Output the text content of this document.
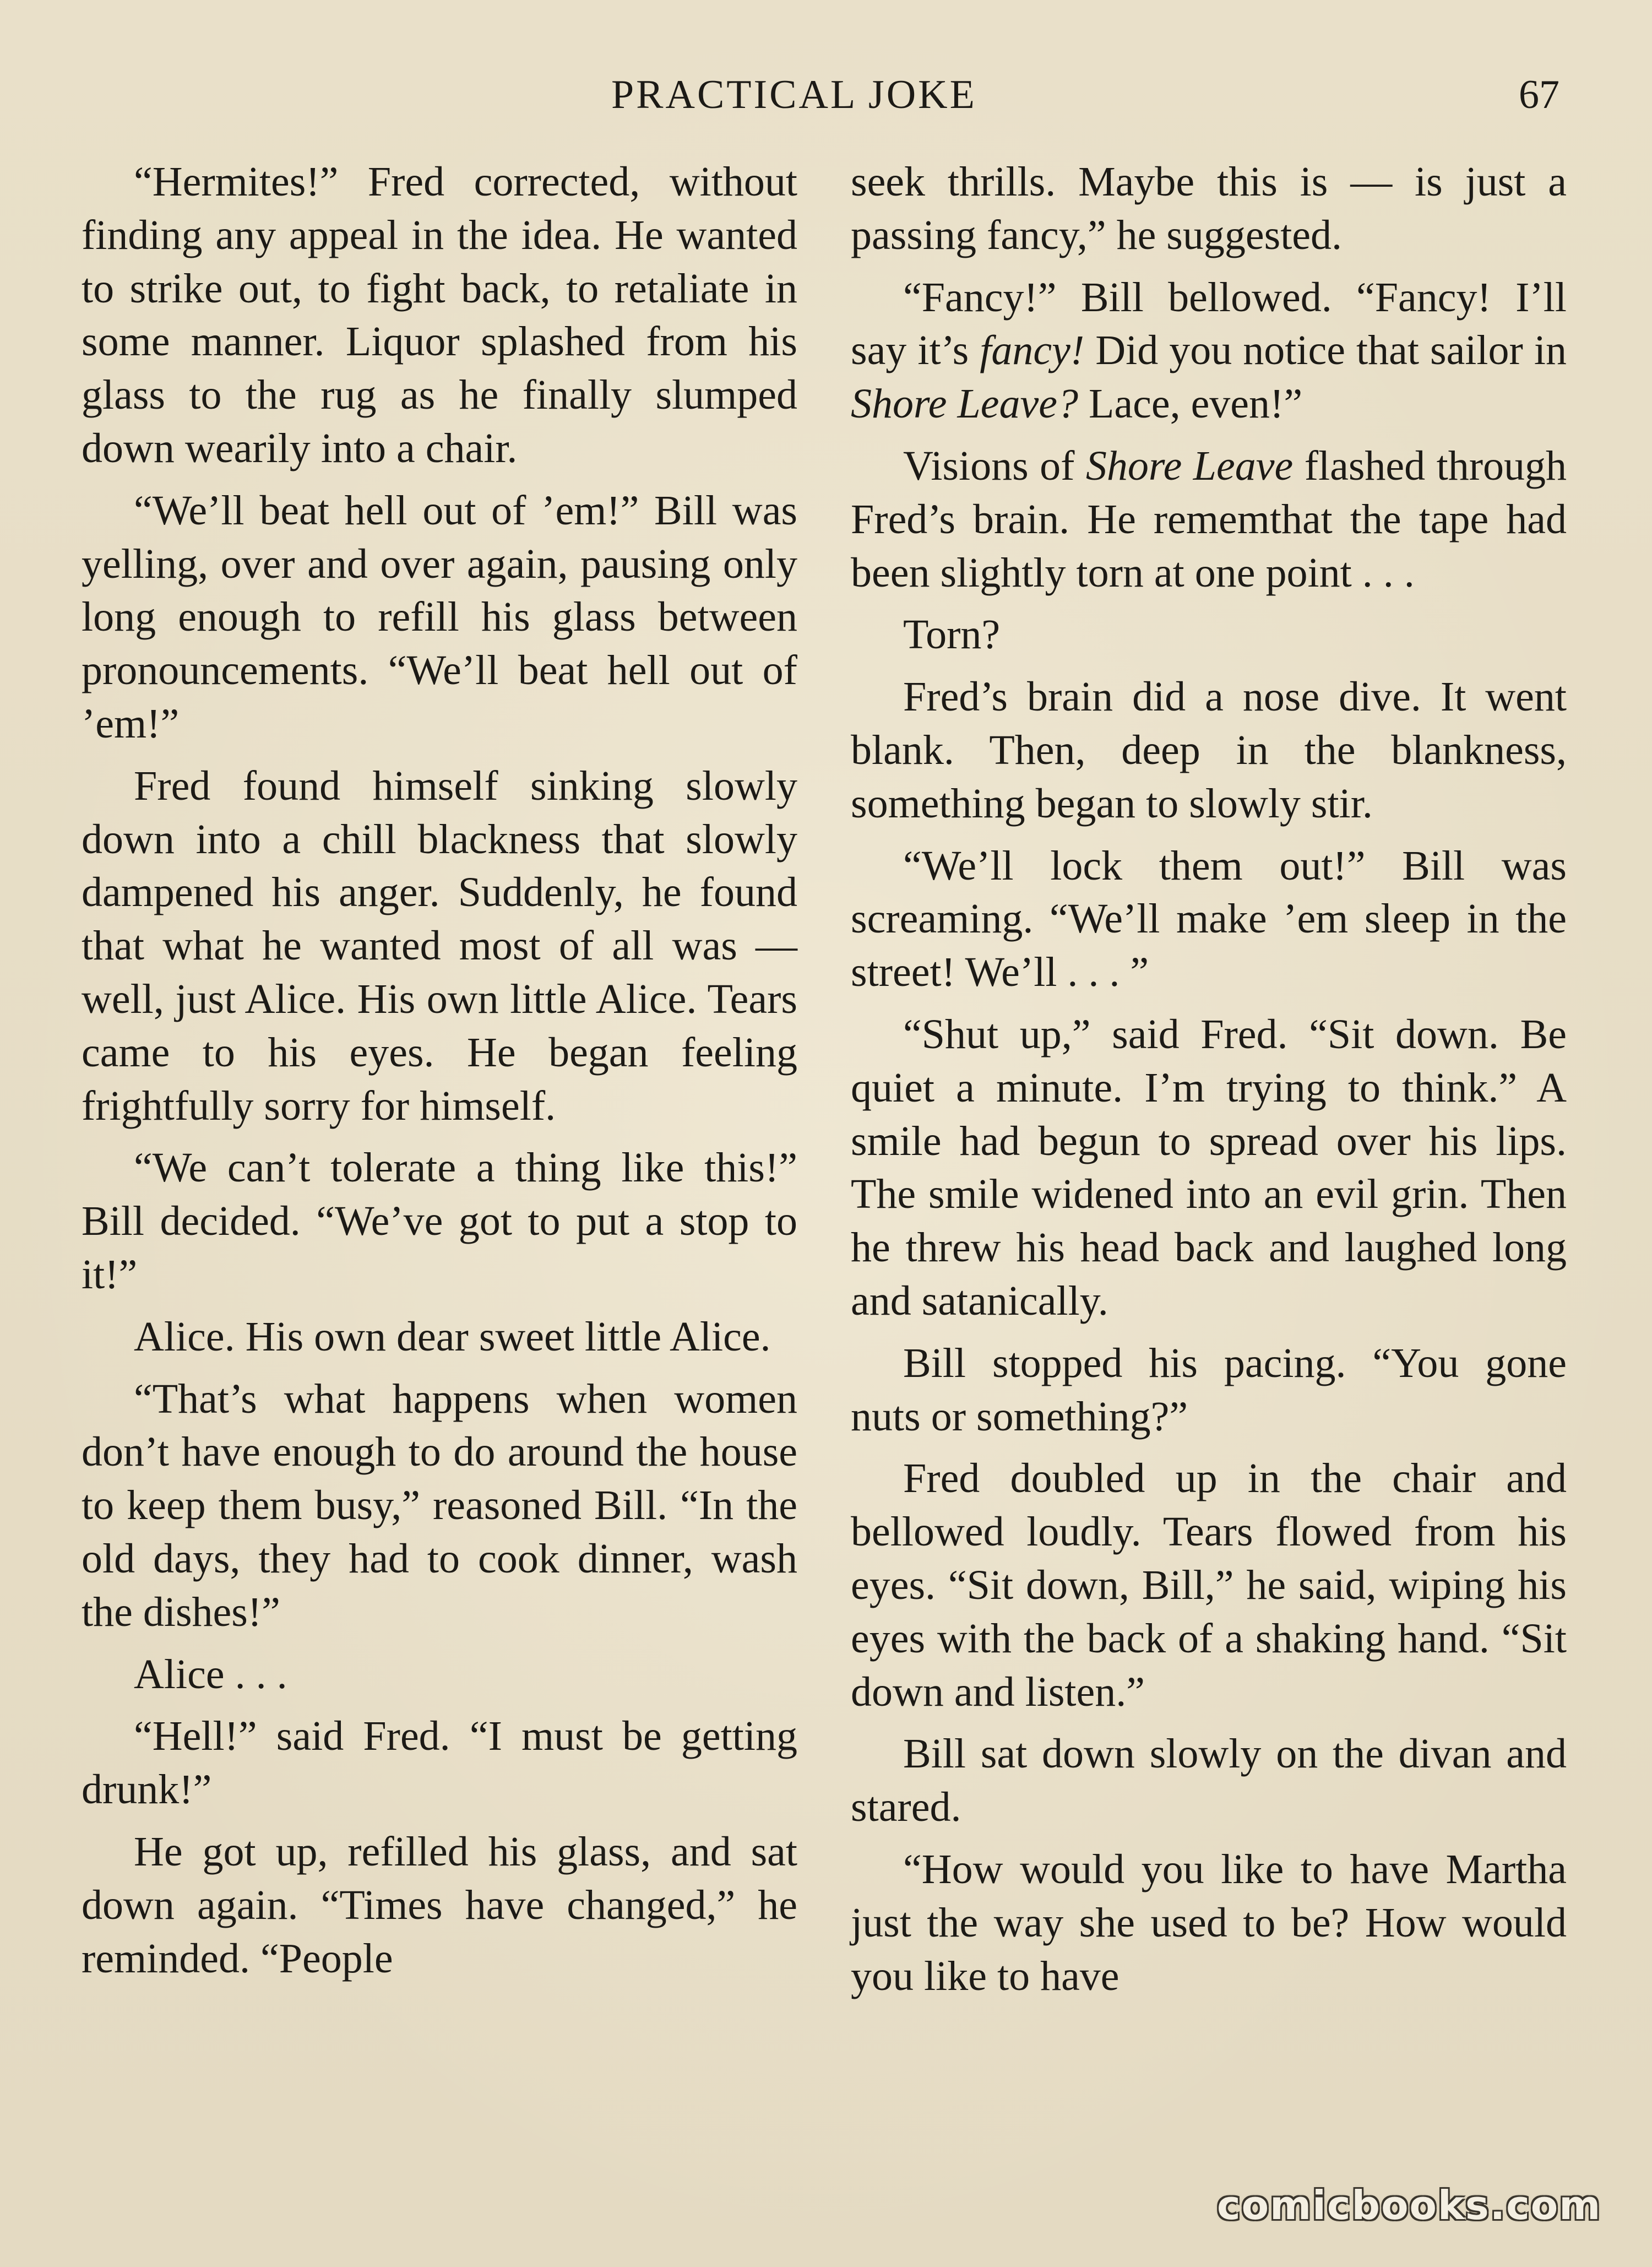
PRACTICAL JOKE	67

“Hermites!” Fred corrected, without finding any appeal in the idea. He wanted to strike out, to fight back, to retaliate in some manner. Liquor splashed from his glass to the rug as he finally slumped down wearily into a chair.

“We’ll beat hell out of ’em!” Bill was yelling, over and over again, pausing only long enough to refill his glass between pronouncements. “We’ll beat hell out of ’em!”

Fred found himself sinking slowly down into a chill blackness that slowly dampened his anger. Suddenly, he found that what he wanted most of all was — well, just Alice. His own little Alice. Tears came to his eyes. He began feeling frightfully sorry for himself.

“We can’t tolerate a thing like this!” Bill decided. “We’ve got to put a stop to it!”

Alice. His own dear sweet little Alice.

“That’s what happens when women don’t have enough to do around the house to keep them busy,” reasoned Bill. “In the old days, they had to cook dinner, wash the dishes!”

Alice . . .

“Hell!” said Fred. “I must be getting drunk!”

He got up, refilled his glass, and sat down again. “Times have changed,” he reminded. “People

seek thrills. Maybe this is — is just a passing fancy,” he suggested.

“Fancy!” Bill bellowed. “Fancy! I’ll say it’s fancy! Did you notice that sailor in Shore Leave? Lace, even!”

Visions of Shore Leave flashed through Fred’s brain. He rememthat the tape had been slightly torn at one point . . .

Torn?

Fred’s brain did a nose dive. It went blank. Then, deep in the blankness, something began to slowly stir.

“We’ll lock them out!” Bill was screaming. “We’ll make ’em sleep in the street! We’ll . . . ”

“Shut up,” said Fred. “Sit down. Be quiet a minute. I’m trying to think.” A smile had begun to spread over his lips. The smile widened into an evil grin. Then he threw his head back and laughed long and satanically.

Bill stopped his pacing. “You gone nuts or something?”

Fred doubled up in the chair and bellowed loudly. Tears flowed from his eyes. “Sit down, Bill,” he said, wiping his eyes with the back of a shaking hand. “Sit down and listen.”

Bill sat down slowly on the divan and stared.

“How would you like to have Martha just the way she used to be? How would you like to have

comicbooks.com
